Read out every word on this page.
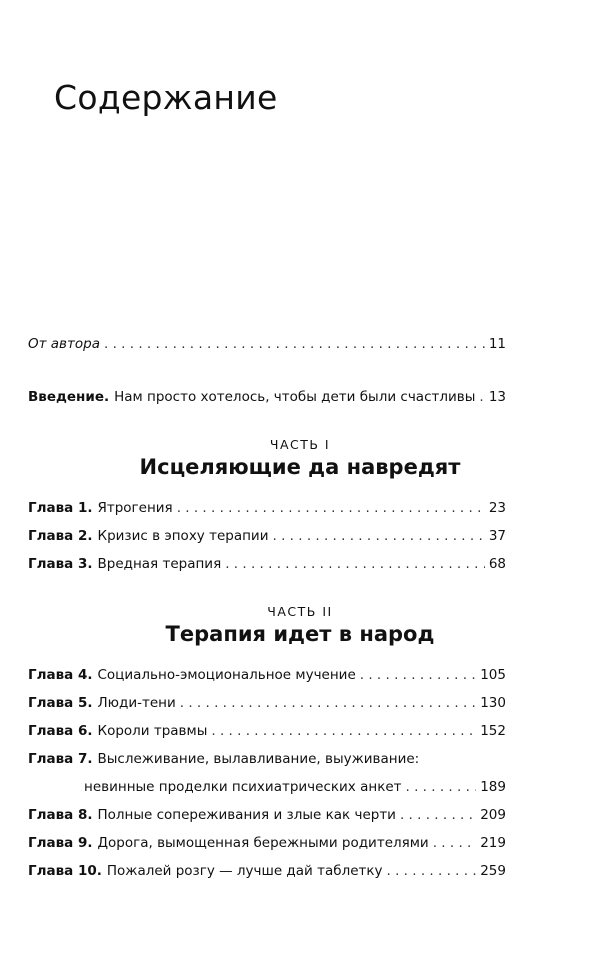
Содержание
От автора . . .	11
Введение. Нам просто хотелось, чтобы дети были счастливы . . . 13
Глава 1. Ятрогения . . .	23
Глава 2. Кризис в эпоху терапии . . .	37
Глава 3. Вредная терапия . . .	68
Глава 4. Социально-эмоциональное мучение . . .	105
Глава 5. Люди-тени . . .	130
Глава 6. Короли травмы . . .	152
Глава 7. Выслеживание, вылавливание, выуживание:
невинные проделки психиатрических анкет . . .	189
Глава 8. Полные сопереживания и злые как черти . . .	209
Глава 9. Дорога, вымощенная бережными родителями . . .	219
Глава 10. Пожалей розгу — лучше дай таблетку . . .	259
ЧАСТЬ I
Исцеляющие да навредят
ЧАСТЬ II
Терапия идет в народ
